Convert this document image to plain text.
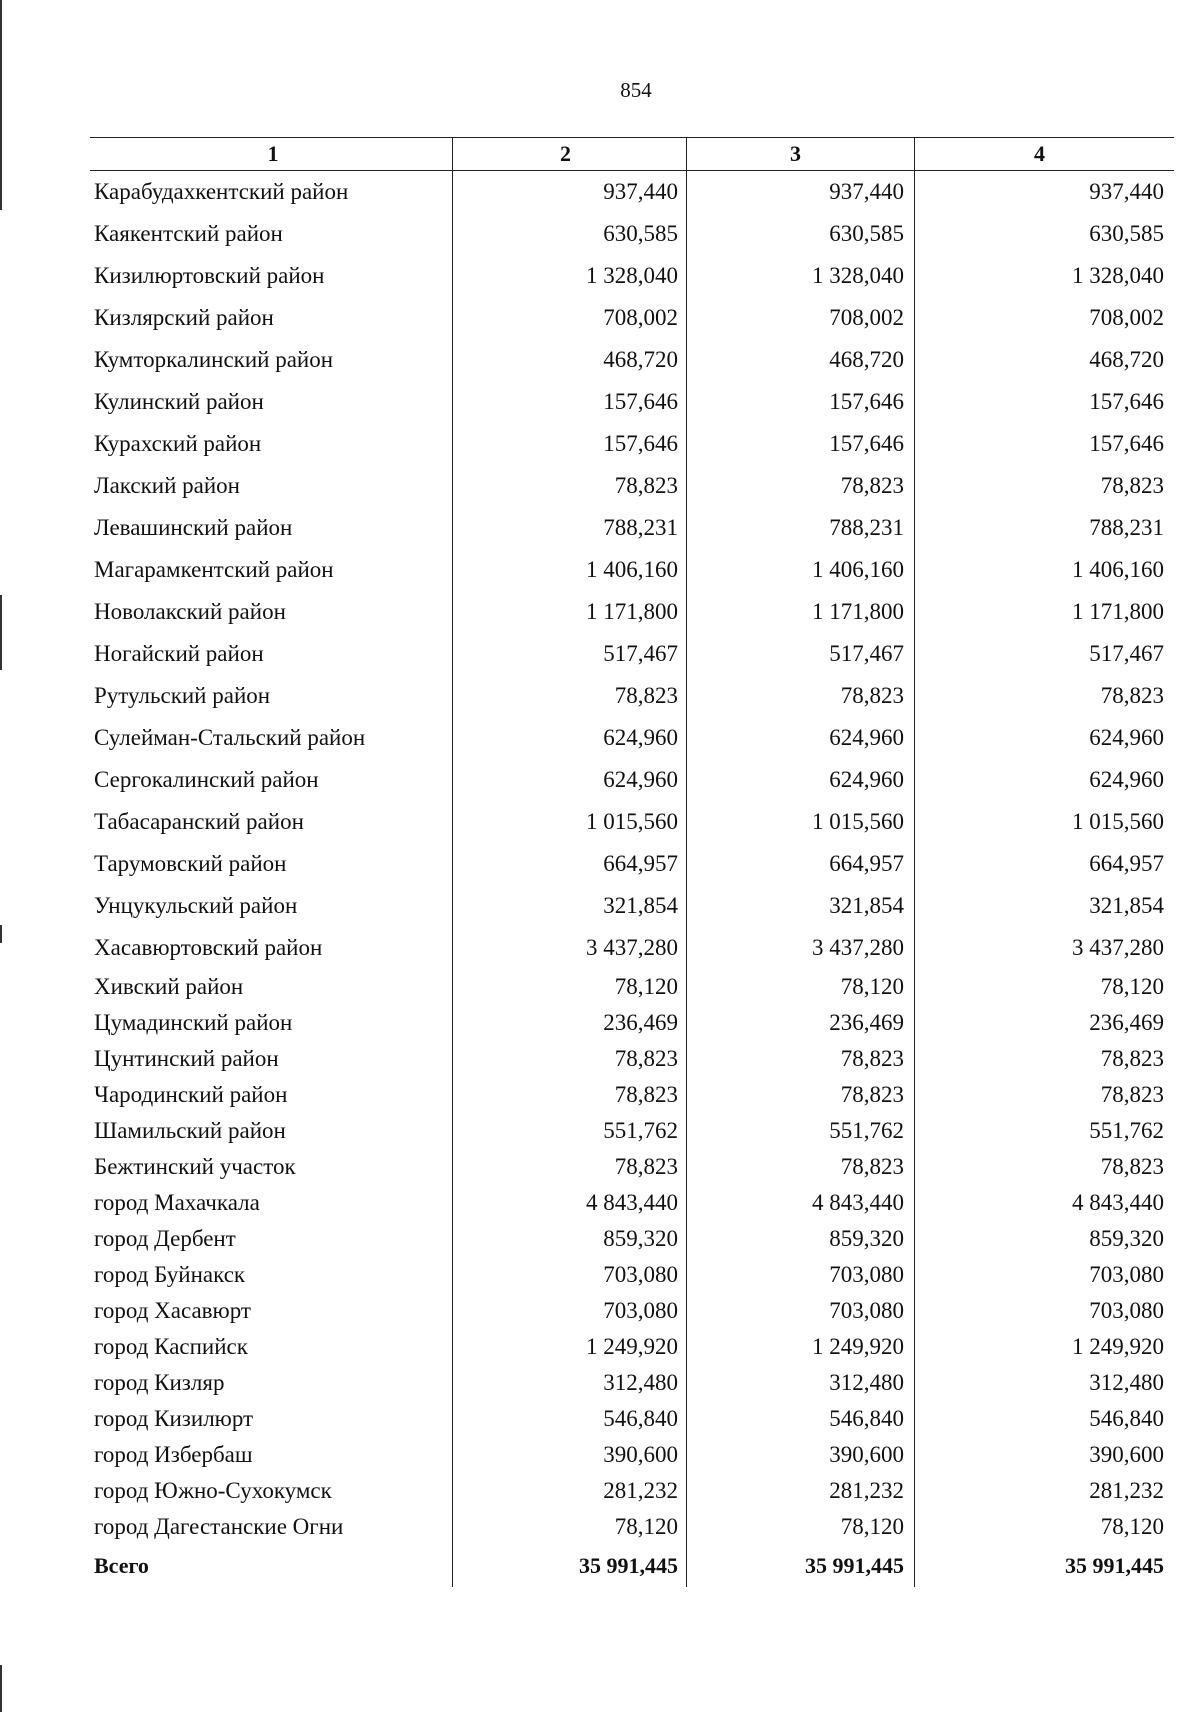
854
1	2	3	4
Карабудахкентский район	937,440	937,440	937,440
Каякентский район	630,585	630,585	630,585
Кизилюртовский район	1 328,040	1 328,040	1 328,040
Кизлярский район	708,002	708,002	708,002
Кумторкалинский район	468,720	468,720	468,720
Кулинский район	157,646	157,646	157,646
Курахский район	157,646	157,646	157,646
Лакский район	78,823	78,823	78,823
Левашинский район	788,231	788,231	788,231
Магарамкентский район	1 406,160	1 406,160	1 406,160
Новолакский район	1 171,800	1 171,800	1 171,800
Ногайский район	517,467	517,467	517,467
Рутульский район	78,823	78,823	78,823
Сулейман-Стальский район	624,960	624,960	624,960
Сергокалинский район	624,960	624,960	624,960
Табасаранский район	1 015,560	1 015,560	1 015,560
Тарумовский район	664,957	664,957	664,957
Унцукульский район	321,854	321,854	321,854
Хасавюртовский район	3 437,280	3 437,280	3 437,280
Хивский район	78,120	78,120	78,120
Цумадинский район	236,469	236,469	236,469
Цунтинский район	78,823	78,823	78,823
Чародинский район	78,823	78,823	78,823
Шамильский район	551,762	551,762	551,762
Бежтинский участок	78,823	78,823	78,823
город Махачкала	4 843,440	4 843,440	4 843,440
город Дербент	859,320	859,320	859,320
город Буйнакск	703,080	703,080	703,080
город Хасавюрт	703,080	703,080	703,080
город Каспийск	1 249,920	1 249,920	1 249,920
город Кизляр	312,480	312,480	312,480
город Кизилюрт	546,840	546,840	546,840
город Избербаш	390,600	390,600	390,600
город Южно-Сухокумск	281,232	281,232	281,232
город Дагестанские Огни	78,120	78,120	78,120
Всего	35 991,445	35 991,445	35 991,445
